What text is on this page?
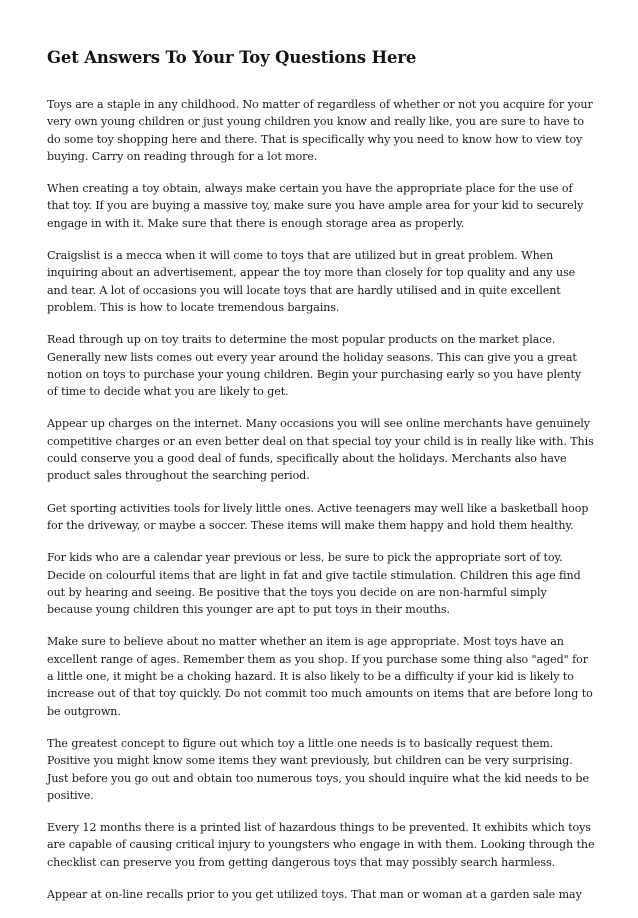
Get Answers To Your Toy Questions Here

Toys are a staple in any childhood. No matter of regardless of whether or not you acquire for your very own young children or just young children you know and really like, you are sure to have to do some toy shopping here and there. That is specifically why you need to know how to view toy buying. Carry on reading through for a lot more.

When creating a toy obtain, always make certain you have the appropriate place for the use of that toy. If you are buying a massive toy, make sure you have ample area for your kid to securely engage in with it. Make sure that there is enough storage area as properly.

Craigslist is a mecca when it will come to toys that are utilized but in great problem. When inquiring about an advertisement, appear the toy more than closely for top quality and any use and tear. A lot of occasions you will locate toys that are hardly utilised and in quite excellent problem. This is how to locate tremendous bargains.

Read through up on toy traits to determine the most popular products on the market place. Generally new lists comes out every year around the holiday seasons. This can give you a great notion on toys to purchase your young children. Begin your purchasing early so you have plenty of time to decide what you are likely to get.

Appear up charges on the internet. Many occasions you will see online merchants have genuinely competitive charges or an even better deal on that special toy your child is in really like with. This could conserve you a good deal of funds, specifically about the holidays. Merchants also have product sales throughout the searching period.

Get sporting activities tools for lively little ones. Active teenagers may well like a basketball hoop for the driveway, or maybe a soccer. These items will make them happy and hold them healthy.

For kids who are a calendar year previous or less, be sure to pick the appropriate sort of toy. Decide on colourful items that are light in fat and give tactile stimulation. Children this age find out by hearing and seeing. Be positive that the toys you decide on are non-harmful simply because young children this younger are apt to put toys in their mouths.

Make sure to believe about no matter whether an item is age appropriate. Most toys have an excellent range of ages. Remember them as you shop. If you purchase some thing also "aged" for a little one, it might be a choking hazard. It is also likely to be a difficulty if your kid is likely to increase out of that toy quickly. Do not commit too much amounts on items that are before long to be outgrown.

The greatest concept to figure out which toy a little one needs is to basically request them. Positive you might know some items they want previously, but children can be very surprising. Just before you go out and obtain too numerous toys, you should inquire what the kid needs to be positive.

Every 12 months there is a printed list of hazardous things to be prevented. It exhibits which toys are capable of causing critical injury to youngsters who engage in with them. Looking through the checklist can preserve you from getting dangerous toys that may possibly search harmless.

Appear at on-line recalls prior to you get utilized toys. That man or woman at a garden sale may
